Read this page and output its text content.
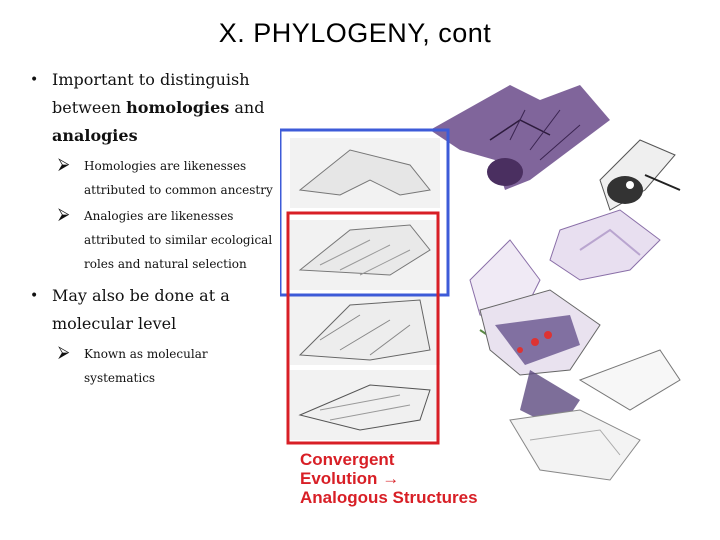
X. PHYLOGENY, cont
• Important to distinguish between homologies and analogies
⮚ Homologies are likenesses attributed to common ancestry
⮚ Analogies are likenesses attributed to similar ecological roles and natural selection
• May also be done at a molecular level
⮚ Known as molecular systematics
Convergent
Evolution →
Analogous Structures
